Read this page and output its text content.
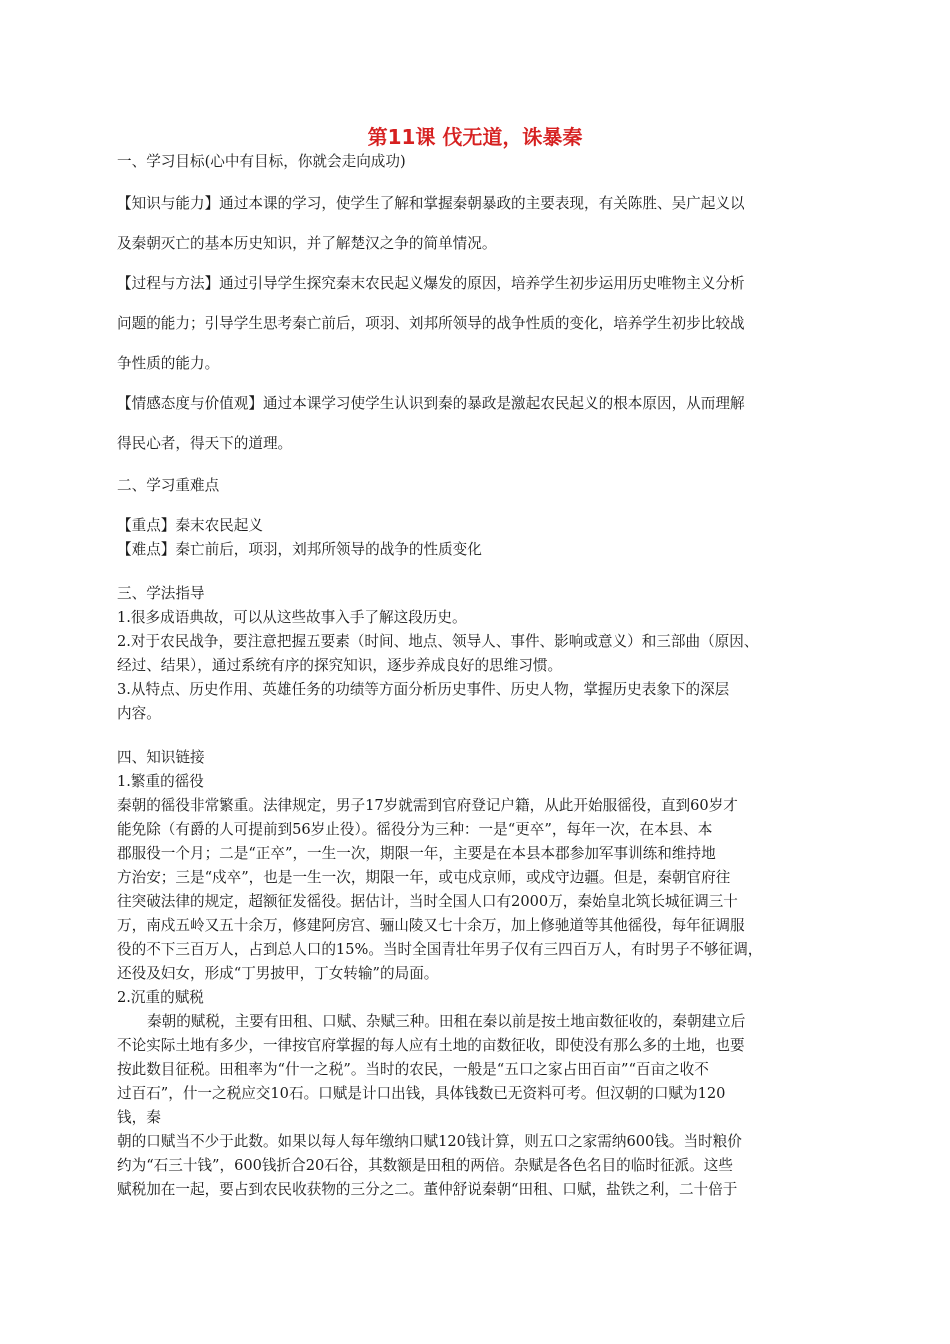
第11课 伐无道，诛暴秦
一、学习目标(心中有目标，你就会走向成功)
【知识与能力】通过本课的学习，使学生了解和掌握秦朝暴政的主要表现，有关陈胜、吴广起义以
及秦朝灭亡的基本历史知识，并了解楚汉之争的简单情况。
【过程与方法】通过引导学生探究秦末农民起义爆发的原因，培养学生初步运用历史唯物主义分析
问题的能力；引导学生思考秦亡前后，项羽、刘邦所领导的战争性质的变化，培养学生初步比较战
争性质的能力。
【情感态度与价值观】通过本课学习使学生认识到秦的暴政是激起农民起义的根本原因，从而理解
得民心者，得天下的道理。
二、学习重难点
【重点】秦末农民起义
【难点】秦亡前后，项羽，刘邦所领导的战争的性质变化
三、学法指导
1.很多成语典故，可以从这些故事入手了解这段历史。
2.对于农民战争，要注意把握五要素（时间、地点、领导人、事件、影响或意义）和三部曲（原因、
经过、结果），通过系统有序的探究知识，逐步养成良好的思维习惯。
3.从特点、历史作用、英雄任务的功绩等方面分析历史事件、历史人物，掌握历史表象下的深层
内容。
四、知识链接
1.繁重的徭役
秦朝的徭役非常繁重。法律规定，男子17岁就需到官府登记户籍，从此开始服徭役，直到60岁才
能免除（有爵的人可提前到56岁止役）。徭役分为三种：一是“更卒”，每年一次，在本县、本
郡服役一个月；二是“正卒”，一生一次，期限一年，主要是在本县本郡参加军事训练和维持地
方治安；三是“戍卒”，也是一生一次，期限一年，或屯戍京师，或戍守边疆。但是，秦朝官府往
往突破法律的规定，超额征发徭役。据估计，当时全国人口有2000万，秦始皇北筑长城征调三十
万，南戍五岭又五十余万，修建阿房宫、骊山陵又七十余万，加上修驰道等其他徭役，每年征调服
役的不下三百万人，占到总人口的15%。当时全国青壮年男子仅有三四百万人，有时男子不够征调，
还役及妇女，形成“丁男披甲，丁女转输”的局面。
2.沉重的赋税
秦朝的赋税，主要有田租、口赋、杂赋三种。田租在秦以前是按土地亩数征收的，秦朝建立后
不论实际土地有多少，一律按官府掌握的每人应有土地的亩数征收，即使没有那么多的土地，也要
按此数目征税。田租率为“什一之税”。当时的农民，一般是“五口之家占田百亩”“百亩之收不
过百石”，什一之税应交10石。口赋是计口出钱，具体钱数已无资料可考。但汉朝的口赋为120
钱，秦
朝的口赋当不少于此数。如果以每人每年缴纳口赋120钱计算，则五口之家需纳600钱。当时粮价
约为“石三十钱”，600钱折合20石谷，其数额是田租的两倍。杂赋是各色名目的临时征派。这些
赋税加在一起，要占到农民收获物的三分之二。董仲舒说秦朝“田租、口赋，盐铁之利，二十倍于
